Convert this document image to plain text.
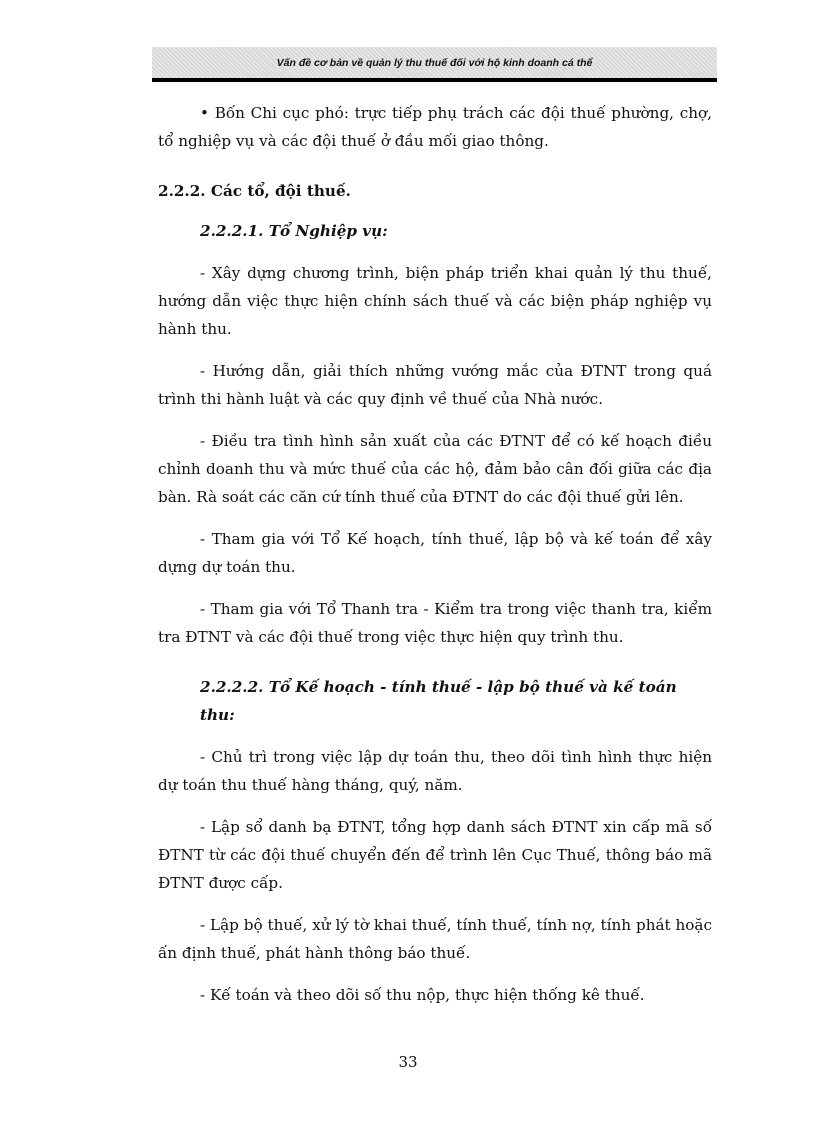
Vấn đề cơ bản về quản lý thu thuế đối với hộ kinh doanh cá thể

• Bốn Chi cục phó: trực tiếp phụ trách các đội thuế phường, chợ, tổ nghiệp vụ và các đội thuế ở đầu mối giao thông.

2.2.2. Các tổ, đội thuế.
2.2.2.1. Tổ Nghiệp vụ:

- Xây dựng chương trình, biện pháp triển khai quản lý thu thuế, hướng dẫn việc thực hiện chính sách thuế và các biện pháp nghiệp vụ hành thu.

- Hướng dẫn, giải thích những vướng mắc của ĐTNT trong quá trình thi hành luật và các quy định về thuế của Nhà nước.

- Điều tra tình hình sản xuất của các ĐTNT để có kế hoạch điều chỉnh doanh thu và mức thuế của các hộ, đảm bảo cân đối giữa các địa bàn. Rà soát các căn cứ tính thuế của ĐTNT do các đội thuế gửi lên.

- Tham gia với Tổ Kế hoạch, tính thuế, lập bộ và kế toán để xây dựng dự toán thu.

- Tham gia với Tổ Thanh tra - Kiểm tra trong việc thanh tra, kiểm tra ĐTNT và các đội thuế trong việc thực hiện quy trình thu.

2.2.2.2. Tổ Kế hoạch - tính thuế - lập bộ thuế và kế toán thu:

- Chủ trì trong việc lập dự toán thu, theo dõi tình hình thực hiện dự toán thu thuế hàng tháng, quý, năm.

- Lập sổ danh bạ ĐTNT, tổng hợp danh sách ĐTNT xin cấp mã số ĐTNT từ các đội thuế chuyển đến để trình lên Cục Thuế, thông báo mã ĐTNT được cấp.

- Lập bộ thuế, xử lý tờ khai thuế, tính thuế, tính nợ, tính phát hoặc ấn định thuế, phát hành thông báo thuế.

- Kế toán và theo dõi số thu nộp, thực hiện thống kê thuế.

33
